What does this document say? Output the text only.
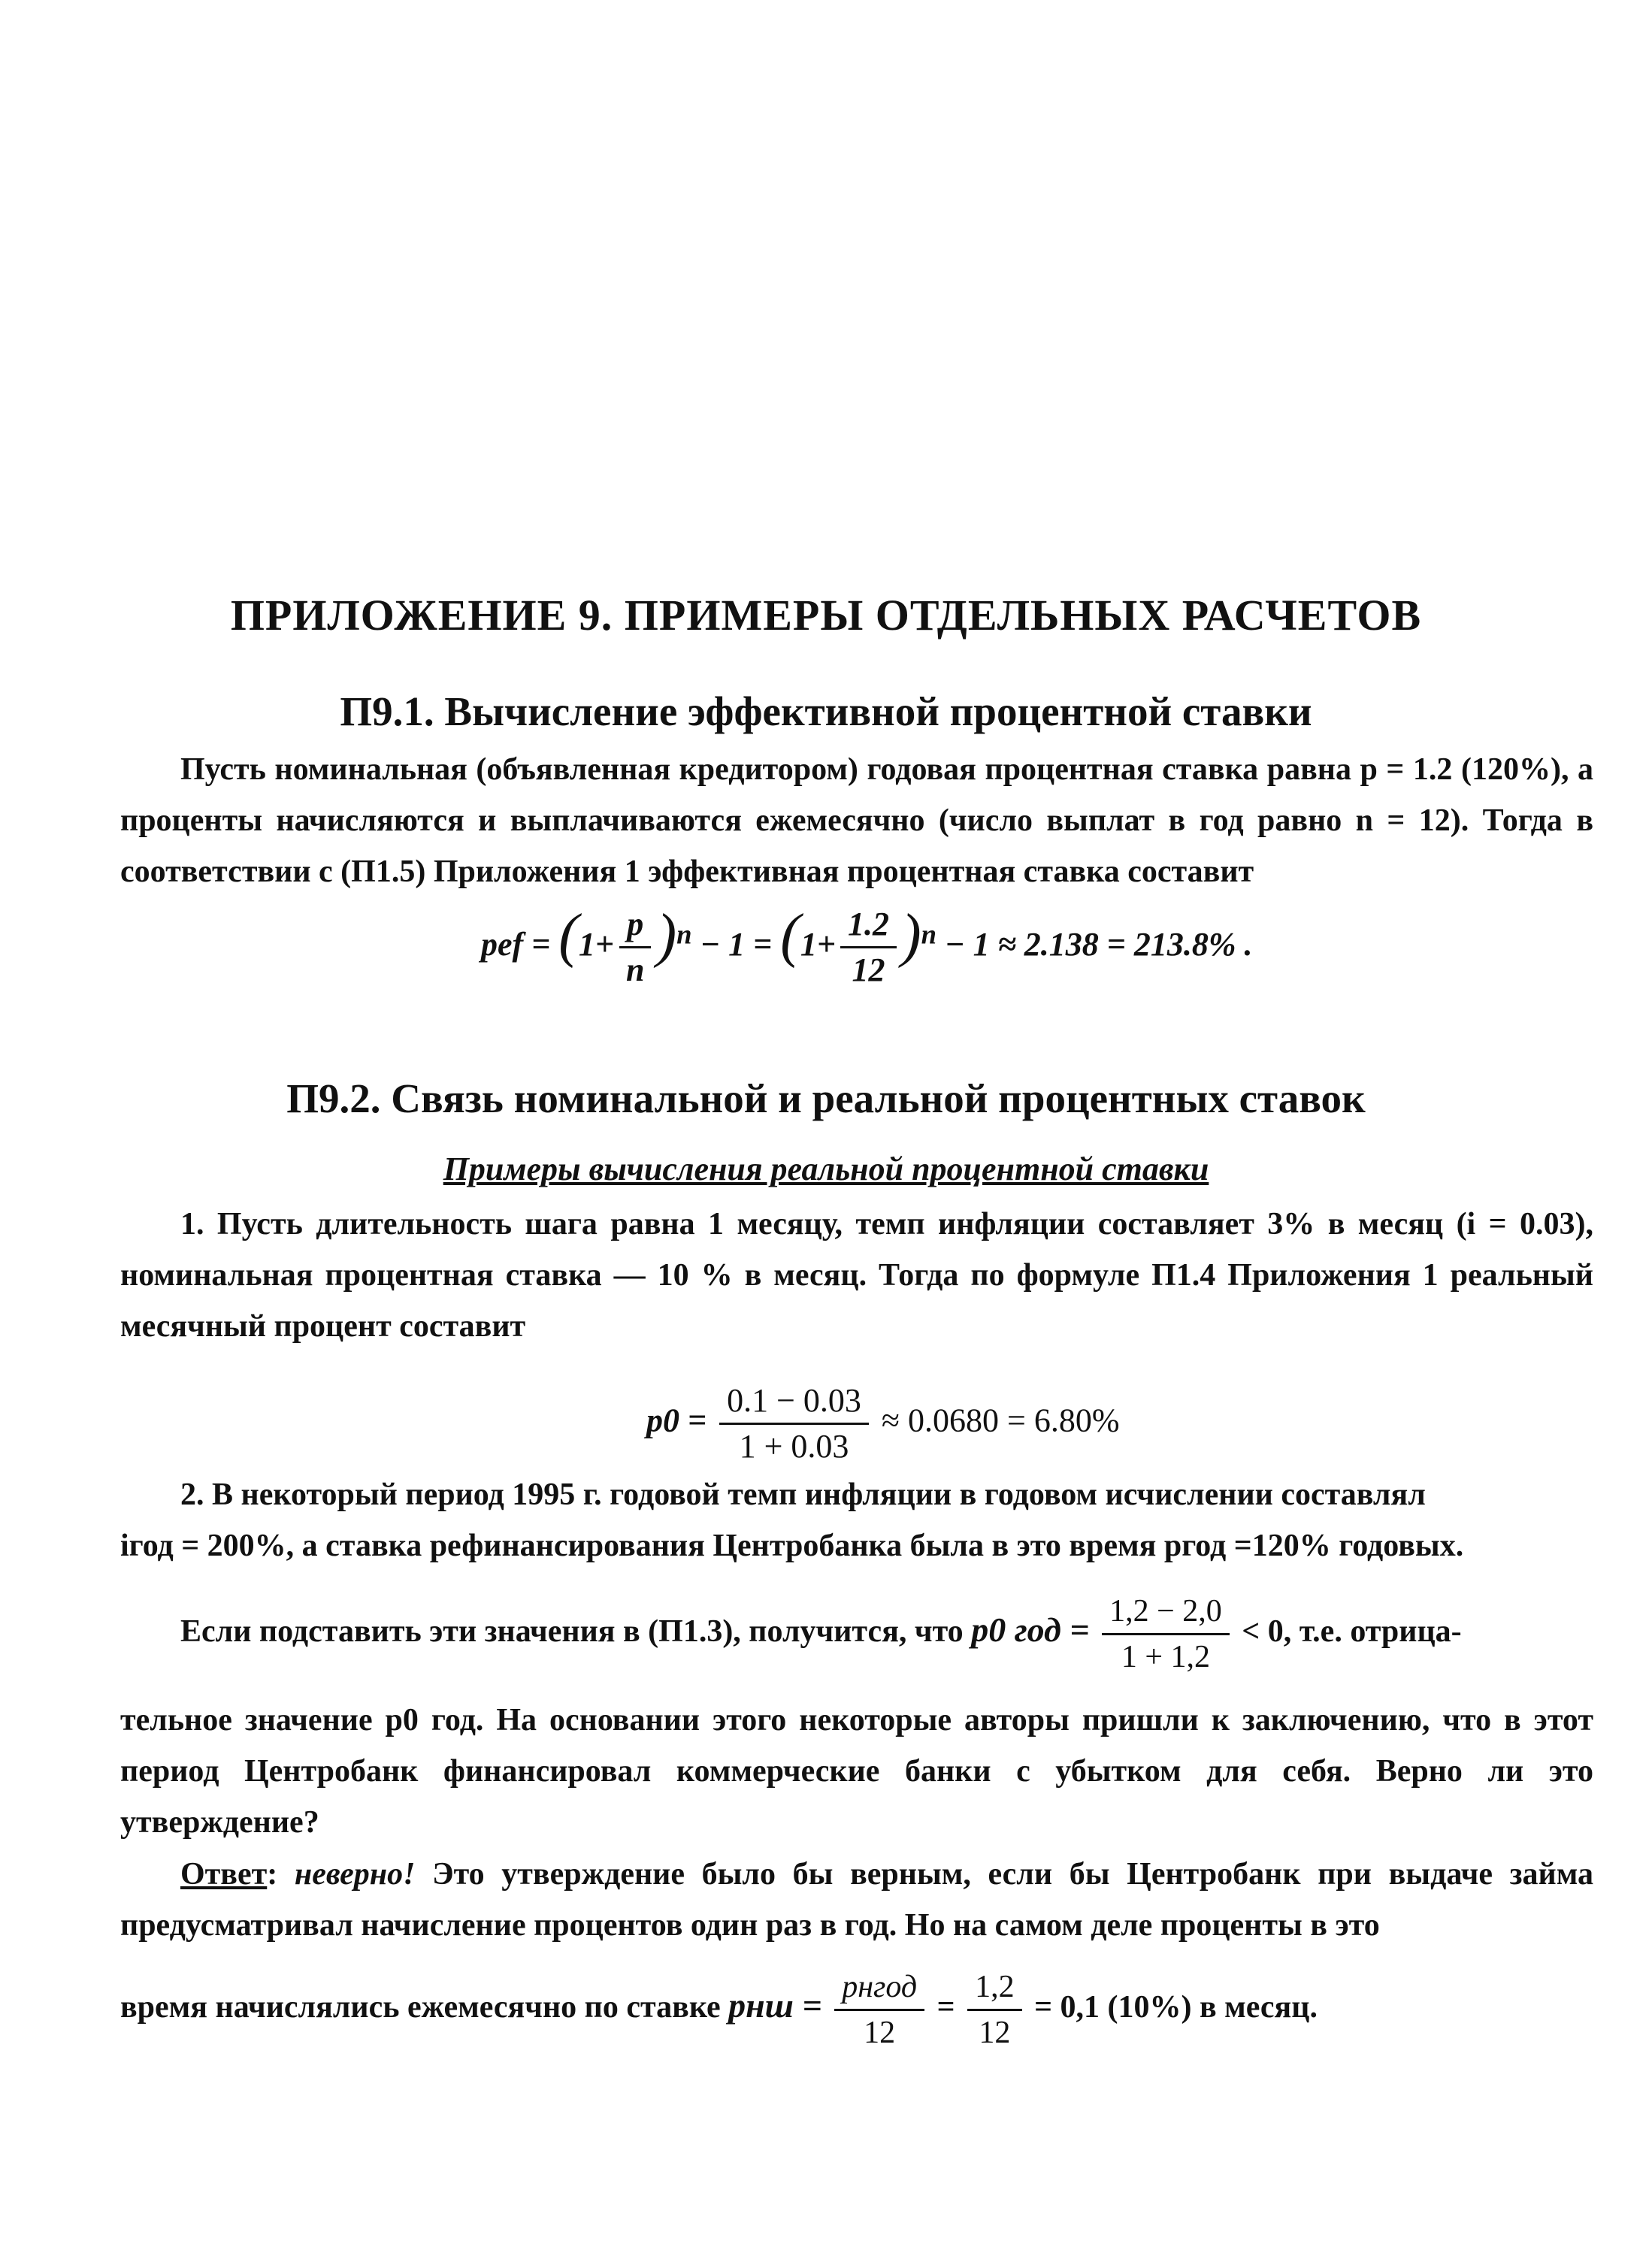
ПРИЛОЖЕНИЕ 9. ПРИМЕРЫ ОТДЕЛЬНЫХ РАСЧЕТОВ
П9.1. Вычисление эффективной процентной ставки

Пусть номинальная (объявленная кредитором) годовая процентная ставка равна p = 1.2 (120%), а проценты начисляются и выплачиваются ежемесячно (число выплат в год равно n = 12). Тогда в соответствии с (П1.5) Приложения 1 эффективная процентная ставка составит

pef = $(1+ \frac{p}{n} )^n - 1 = (1+ \frac{1.2}{12} )^n - 1 \approx 2.138 = 213.8\%$ .
П9.2. Связь номинальной и реальной процентных ставок
Примеры вычисления реальной процентной ставки

1. Пусть длительность шага равна 1 месяцу, темп инфляции составляет 3% в месяц (i = 0.03), номинальная процентная ставка — 10 % в месяц. Тогда по формуле П1.4 Приложения 1 реальный месячный процент составит

$p0 = \frac{0.1 - 0.03}{1 + 0.03} \approx 0.0680 = 6.80\%$

2. В некоторый период 1995 г. годовой темп инфляции в годовом исчислении составлял

iгод = 200%, а ставка рефинансирования Центробанка была в это время pгод =120% годовых.

Если подставить эти значения в (П1.3), получится, что p0 год = $\frac{1,2 - 2,0}{1 + 1,2} < 0$, т.е. отрица-

тельное значение p0 год. На основании этого некоторые авторы пришли к заключению, что в этот период Центробанк финансировал коммерческие банки с убытком для себя. Верно ли это утверждение?

Ответ: неверно! Это утверждение было бы верным, если бы Центробанк при выдаче займа предусматривал начисление процентов один раз в год. Но на самом деле проценты в это

время начислялись ежемесячно по ставке pнш = $\frac{\text{pнгод}}{12} = \frac{1,2}{12} = 0,1$ (10%) в месяц.
